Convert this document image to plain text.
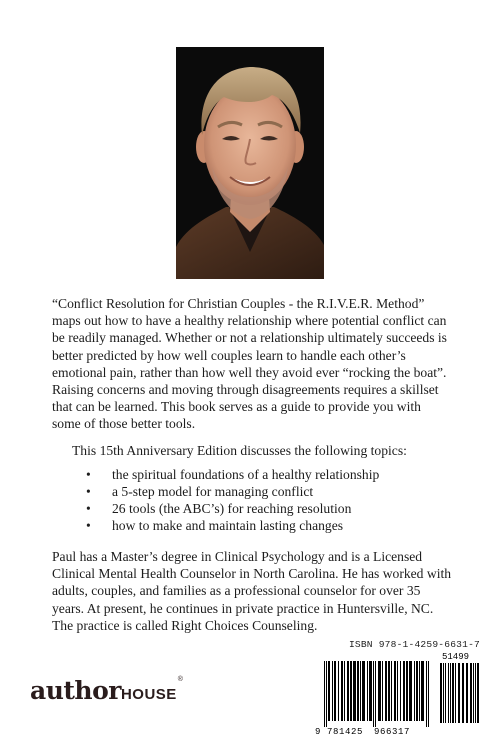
“Conflict Resolution for Christian Couples - the R.I.V.E.R. Method” maps out how to have a healthy relationship where potential conflict can be readily managed. Whether or not a relationship ultimately succeeds is better predicted by how well couples learn to handle each other’s emotional pain, rather than how well they avoid ever “rocking the boat”. Raising concerns and moving through disagreements requires a skillset that can be learned. This book serves as a guide to provide you with some of those better tools.

This 15th Anniversary Edition discusses the following topics:

• the spiritual foundations of a healthy relationship
• a 5-step model for managing conflict
• 26 tools (the ABC’s) for reaching resolution
• how to make and maintain lasting changes

Paul has a Master’s degree in Clinical Psychology and is a Licensed Clinical Mental Health Counselor in North Carolina. He has worked with adults, couples, and families as a professional counselor for over 35 years. At present, he continues in private practice in Huntersville, NC. The practice is called Right Choices Counseling.

authorHOUSE®
ISBN 978-1-4259-6631-7
9 781425 966317
51499
